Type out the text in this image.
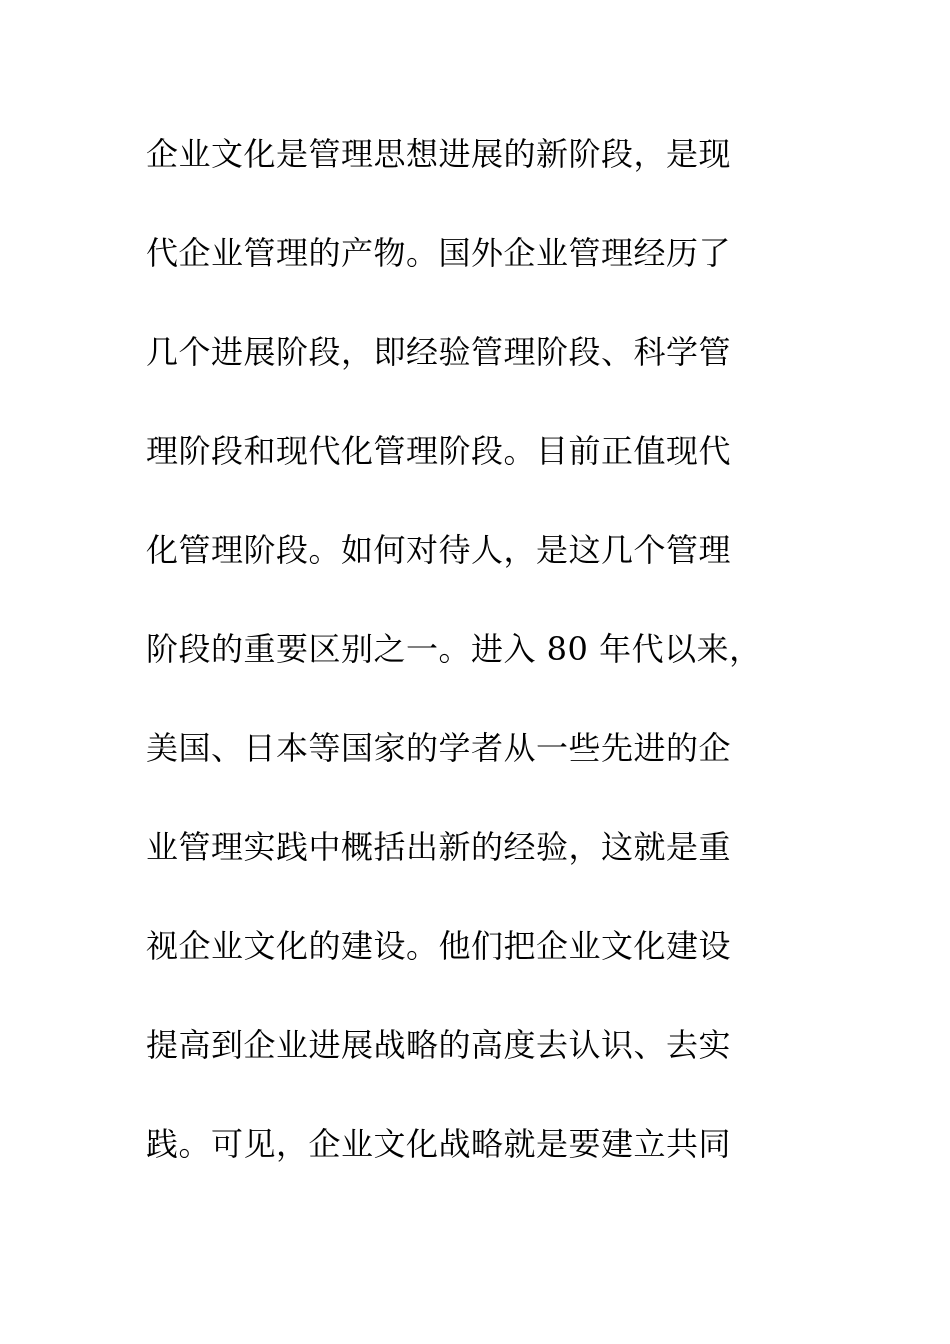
企业文化是管理思想进展的新阶段，是现
代企业管理的产物。国外企业管理经历了
几个进展阶段，即经验管理阶段、科学管
理阶段和现代化管理阶段。目前正值现代
化管理阶段。如何对待人，是这几个管理
阶段的重要区别之一。进入 80 年代以来，
美国、日本等国家的学者从一些先进的企
业管理实践中概括出新的经验，这就是重
视企业文化的建设。他们把企业文化建设
提高到企业进展战略的高度去认识、去实
践。可见，企业文化战略就是要建立共同
